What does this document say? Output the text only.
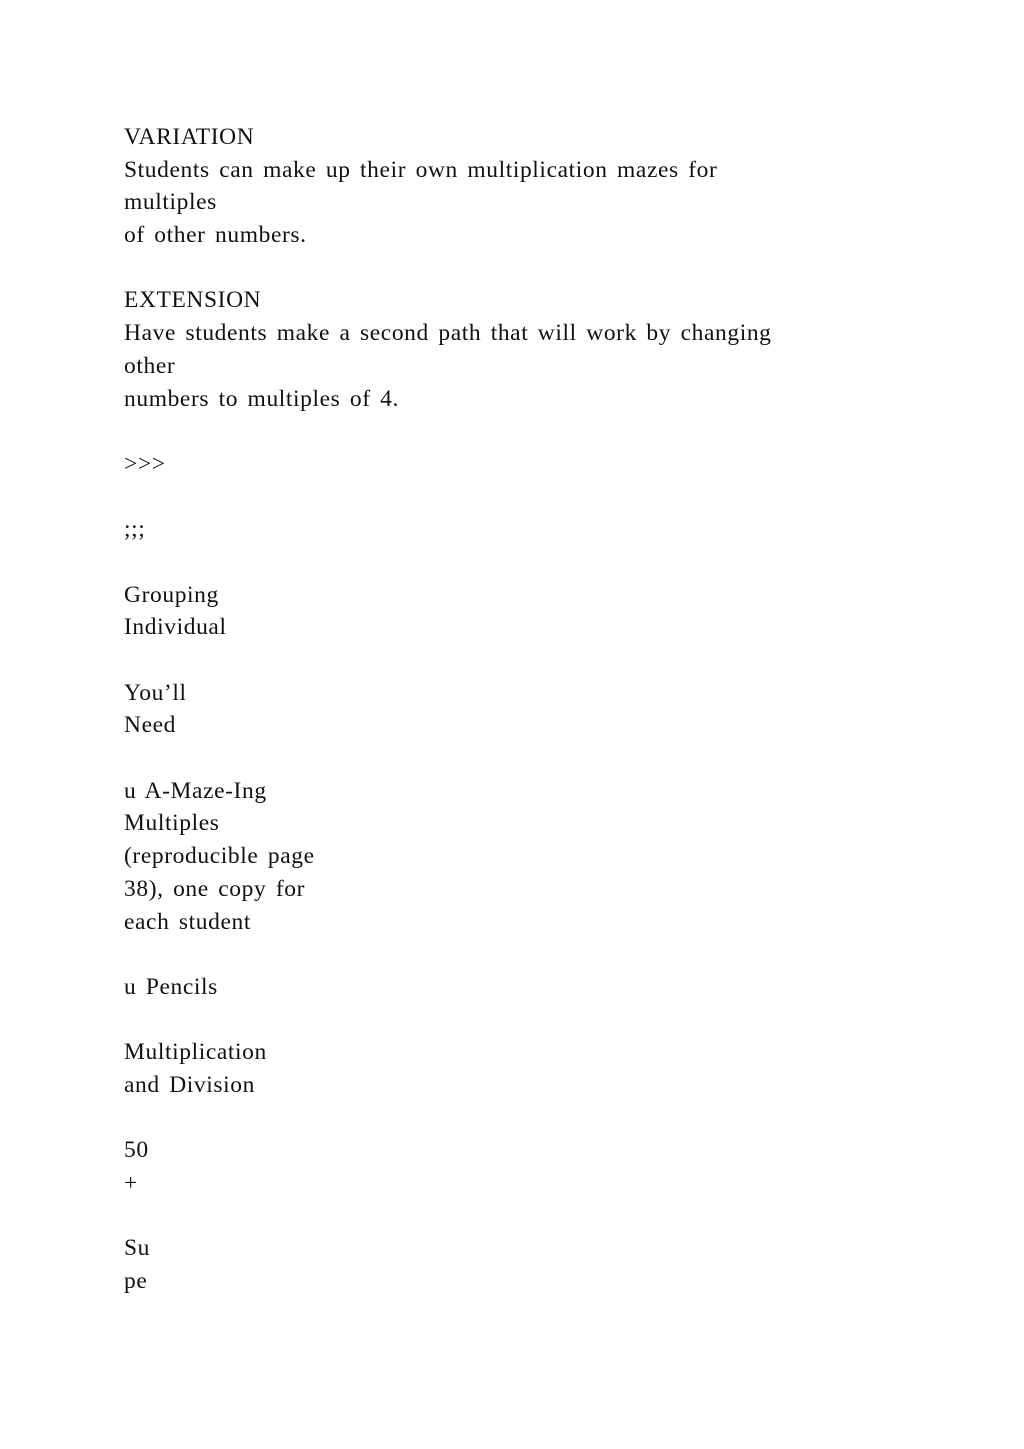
VARIATION
Students can make up their own multiplication mazes for
multiples
of other numbers.
EXTENSION
Have students make a second path that will work by changing
other
numbers to multiples of 4.
>>>
;;;
Grouping
Individual
You’ll
Need
u A-Maze-Ing
Multiples
(reproducible page
38), one copy for
each student
u Pencils
Multiplication
and Division
50
+
Su
pe
